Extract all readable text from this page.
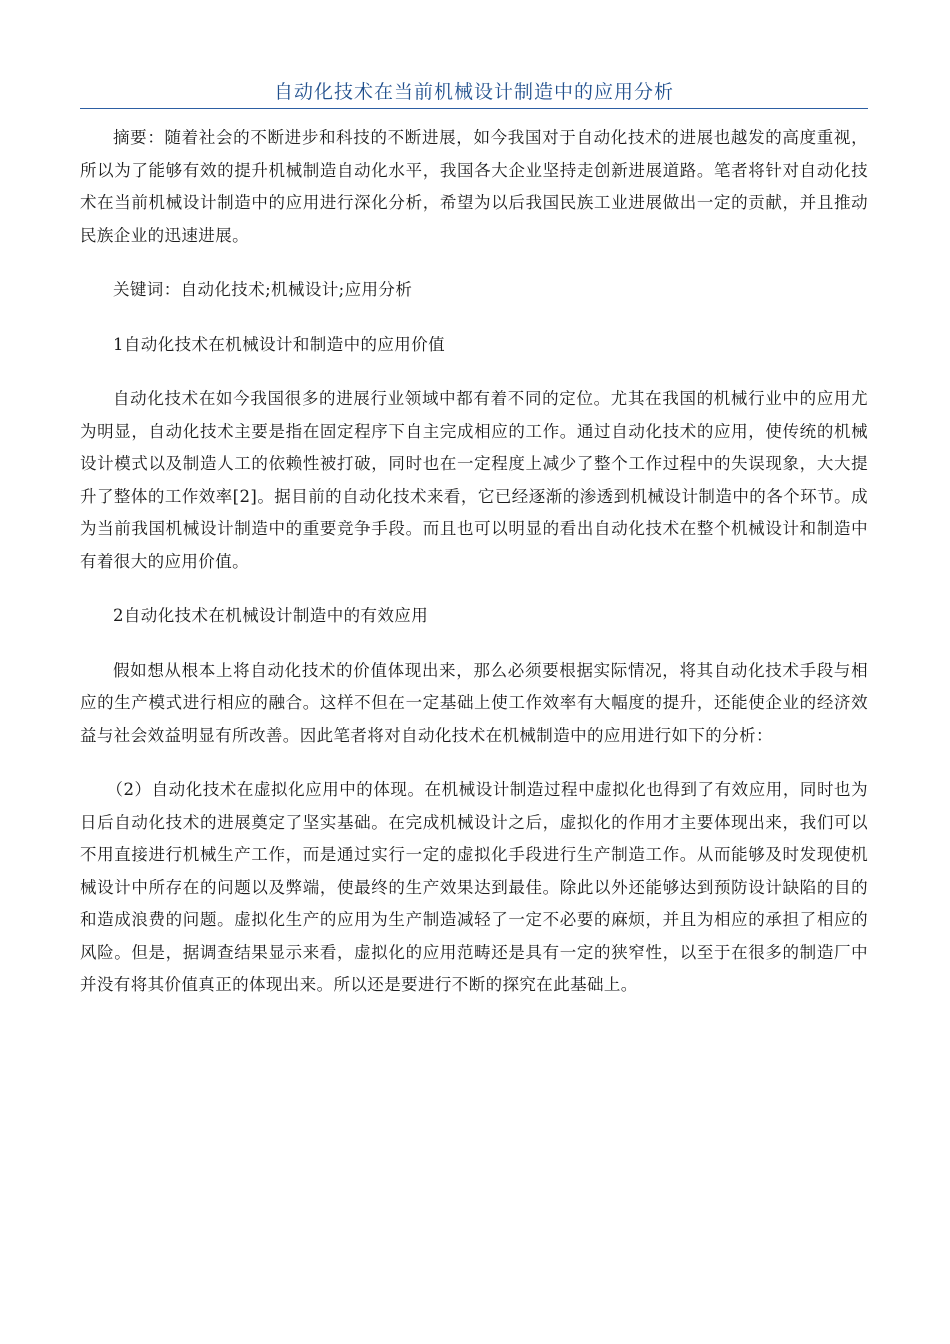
自动化技术在当前机械设计制造中的应用分析

摘要：随着社会的不断进步和科技的不断进展，如今我国对于自动化技术的进展也越发的高度重视，所以为了能够有效的提升机械制造自动化水平，我国各大企业坚持走创新进展道路。笔者将针对自动化技术在当前机械设计制造中的应用进行深化分析，希望为以后我国民族工业进展做出一定的贡献，并且推动民族企业的迅速进展。

关键词：自动化技术;机械设计;应用分析

1自动化技术在机械设计和制造中的应用价值

自动化技术在如今我国很多的进展行业领域中都有着不同的定位。尤其在我国的机械行业中的应用尤为明显，自动化技术主要是指在固定程序下自主完成相应的工作。通过自动化技术的应用，使传统的机械设计模式以及制造人工的依赖性被打破，同时也在一定程度上减少了整个工作过程中的失误现象，大大提升了整体的工作效率[2]。据目前的自动化技术来看，它已经逐渐的渗透到机械设计制造中的各个环节。成为当前我国机械设计制造中的重要竞争手段。而且也可以明显的看出自动化技术在整个机械设计和制造中有着很大的应用价值。

2自动化技术在机械设计制造中的有效应用

假如想从根本上将自动化技术的价值体现出来，那么必须要根据实际情况，将其自动化技术手段与相应的生产模式进行相应的融合。这样不但在一定基础上使工作效率有大幅度的提升，还能使企业的经济效益与社会效益明显有所改善。因此笔者将对自动化技术在机械制造中的应用进行如下的分析：

（2）自动化技术在虚拟化应用中的体现。在机械设计制造过程中虚拟化也得到了有效应用，同时也为日后自动化技术的进展奠定了坚实基础。在完成机械设计之后，虚拟化的作用才主要体现出来，我们可以不用直接进行机械生产工作，而是通过实行一定的虚拟化手段进行生产制造工作。从而能够及时发现使机械设计中所存在的问题以及弊端，使最终的生产效果达到最佳。除此以外还能够达到预防设计缺陷的目的和造成浪费的问题。虚拟化生产的应用为生产制造减轻了一定不必要的麻烦，并且为相应的承担了相应的风险。但是，据调查结果显示来看，虚拟化的应用范畴还是具有一定的狭窄性，以至于在很多的制造厂中并没有将其价值真正的体现出来。所以还是要进行不断的探究在此基础上。
